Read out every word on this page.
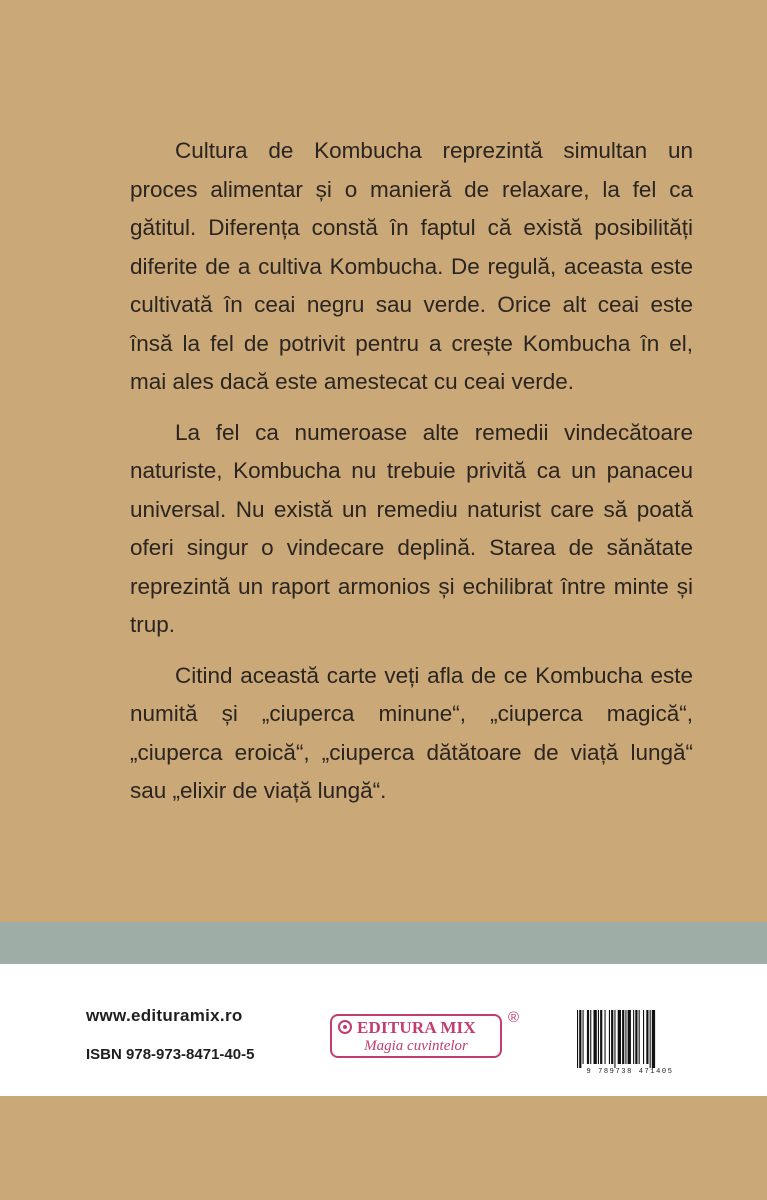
Cultura de Kombucha reprezintă simultan un proces alimentar și o manieră de relaxare, la fel ca gătitul. Diferența constă în faptul că există posibilități diferite de a cultiva Kombucha. De regulă, aceasta este cultivată în ceai negru sau verde. Orice alt ceai este însă la fel de potrivit pentru a crește Kombucha în el, mai ales dacă este amestecat cu ceai verde.

La fel ca numeroase alte remedii vindecătoare naturiste, Kombucha nu trebuie privită ca un panaceu universal. Nu există un remediu naturist care să poată oferi singur o vindecare deplină. Starea de sănătate reprezintă un raport armonios și echilibrat între minte și trup.

Citind această carte veți afla de ce Kombucha este numită și „ciuperca minune“, „ciuperca magică“, „ciuperca eroică“, „ciuperca dătătoare de viață lungă“ sau „elixir de viață lungă“.

www.edituramix.ro
ISBN 978-973-8471-40-5
EDITURA MIX
Magia cuvintelor
®
9 789738 471405
